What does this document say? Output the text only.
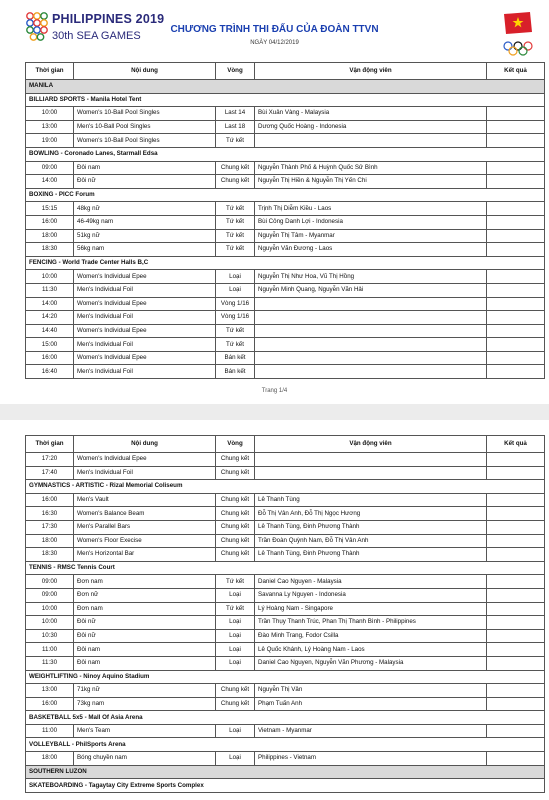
PHILIPPINES 2019
30th SEA GAMES
CHƯƠNG TRÌNH THI ĐẤU CỦA ĐOÀN TTVN
NGÀY 04/12/2019
Thời gian	Nội dung	Vòng	Vận động viên	Kết quả
MANILA				
BILLIARD SPORTS - Manila Hotel Tent				
10:00	Women's 10-Ball Pool Singles	Last 14	Bùi Xuân Vàng - Malaysia	
13:00	Men's 10-Ball Pool Singles	Last 18	Dương Quốc Hoàng - Indonesia	
19:00	Women's 10-Ball Pool Singles	Tứ kết		
BOWLING - Coronado Lanes, Starmall Edsa				
09:00	Đôi nam	Chung kết	Nguyễn Thành Phố & Huỳnh Quốc Sử Bình	
14:00	Đôi nữ	Chung kết	Nguyễn Thị Hiền & Nguyễn Thị Yến Chi	
BOXING - PICC Forum				
15:15	48kg nữ	Tứ kết	Trịnh Thị Diễm Kiều - Laos	
16:00	46-49kg nam	Tứ kết	Bùi Công Danh Lợi - Indonesia	
18:00	51kg nữ	Tứ kết	Nguyễn Thị Tâm - Myanmar	
18:30	56kg nam	Tứ kết	Nguyễn Văn Đương - Laos	
FENCING - World Trade Center Halls B,C				
10:00	Women's Individual Epee	Loại	Nguyễn Thị Như Hoa, Vũ Thị Hồng	
11:30	Men's Individual Foil	Loại	Nguyễn Minh Quang, Nguyễn Văn Hải	
14:00	Women's Individual Epee	Vòng 1/16		
14:20	Men's Individual Foil	Vòng 1/16		
14:40	Women's Individual Epee	Tứ kết		
15:00	Men's Individual Foil	Tứ kết		
16:00	Women's Individual Epee	Bán kết		
16:40	Men's Individual Foil	Bán kết		
Trang 1/4
Thời gian	Nội dung	Vòng	Vận động viên	Kết quả
17:20	Women's Individual Epee	Chung kết		
17:40	Men's Individual Foil	Chung kết		
GYMNASTICS - ARTISTIC - Rizal Memorial Coliseum				
16:00	Men's Vault	Chung kết	Lê Thanh Tùng	
16:30	Women's Balance Beam	Chung kết	Đỗ Thị Vân Anh, Đỗ Thị Ngọc Hương	
17:30	Men's Parallel Bars	Chung kết	Lê Thanh Tùng, Đinh Phương Thành	
18:00	Women's Floor Execise	Chung kết	Trần Đoàn Quỳnh Nam, Đỗ Thị Vân Anh	
18:30	Men's Horizontal Bar	Chung kết	Lê Thanh Tùng, Đinh Phương Thành	
TENNIS - RMSC Tennis Court				
09:00	Đơn nam	Tứ kết	Daniel Cao Nguyen - Malaysia	
09:00	Đơn nữ	Loại	Savanna Ly Nguyen - Indonesia	
10:00	Đơn nam	Tứ kết	Lý Hoàng Nam - Singapore	
10:00	Đôi nữ	Loại	Trần Thụy Thanh Trúc, Phan Thị Thanh Bình - Philippines	
10:30	Đôi nữ	Loại	Đào Minh Trang, Fodor Csilla	
11:00	Đôi nam	Loại	Lê Quốc Khánh, Lý Hoàng Nam - Laos	
11:30	Đôi nam	Loại	Daniel Cao Nguyen, Nguyễn Văn Phương - Malaysia	
WEIGHTLIFTING - Ninoy Aquino Stadium				
13:00	71kg nữ	Chung kết	Nguyễn Thị Vân	
16:00	73kg nam	Chung kết	Phạm Tuấn Anh	
BASKETBALL 5x5 - Mall Of Asia Arena				
11:00	Men's Team	Loại	Vietnam - Myanmar	
VOLLEYBALL - PhilSports Arena				
18:00	Bóng chuyền nam	Loại	Philippines - Vietnam	
SOUTHERN LUZON				
SKATEBOARDING - Tagaytay City Extreme Sports Complex				
